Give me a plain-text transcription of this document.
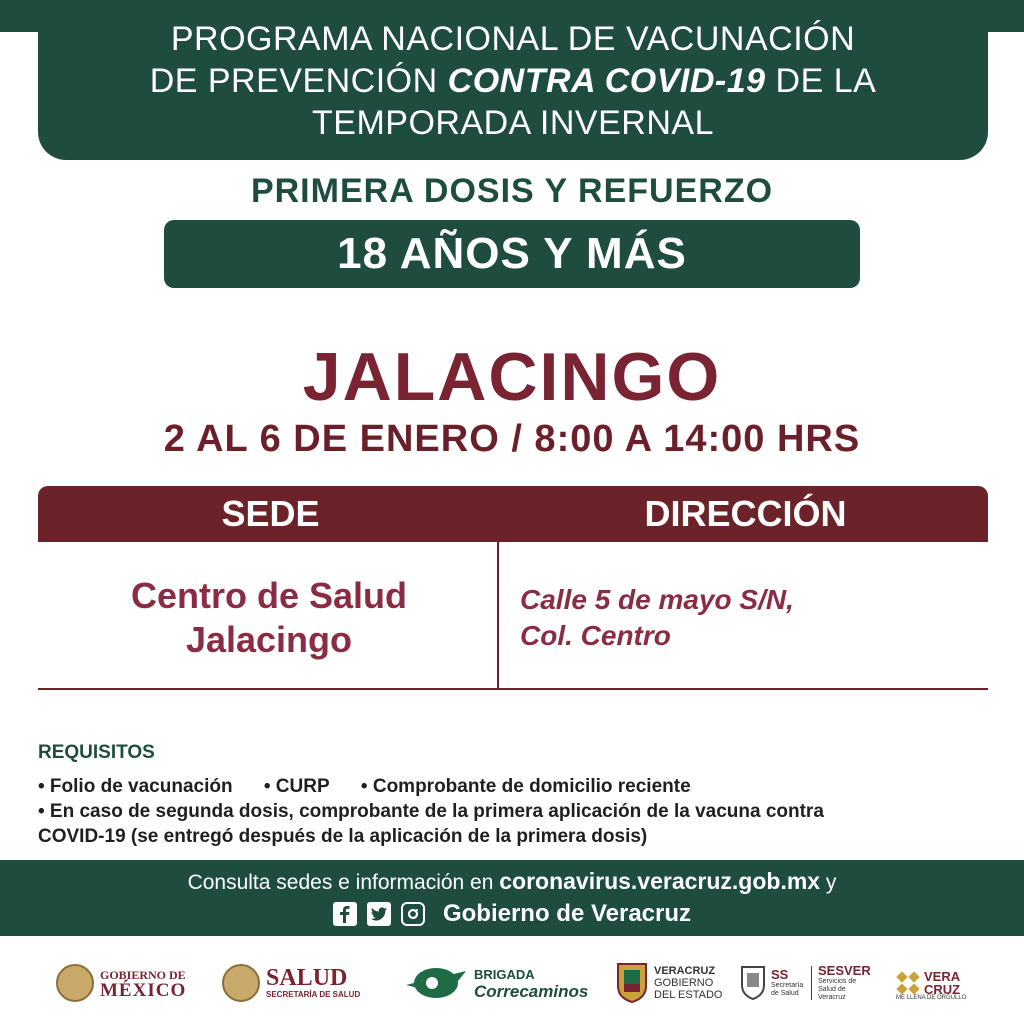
PROGRAMA NACIONAL DE VACUNACIÓN
DE PREVENCIÓN CONTRA COVID-19 DE LA
TEMPORADA INVERNAL
PRIMERA DOSIS Y REFUERZO
18 AÑOS Y MÁS
JALACINGO
2 AL 6 DE ENERO / 8:00 A 14:00 HRS
SEDE	DIRECCIÓN
Centro de Salud
Jalacingo
Calle 5 de mayo S/N,
Col. Centro
REQUISITOS
• Folio de vacunación • CURP • Comprobante de domicilio reciente
• En caso de segunda dosis, comprobante de la primera aplicación de la vacuna contra
COVID-19 (se entregó después de la aplicación de la primera dosis)
Consulta sedes e información en coronavirus.veracruz.gob.mx y
Gobierno de Veracruz
GOBIERNO DE
MÉXICO	SALUD
SECRETARÍA DE SALUD
BRIGADA
Correcaminos
VERACRUZ
GOBIERNO
DEL ESTADO
SS
Secretaría de Salud
SESVER
Servicios de Salud de Veracruz
VERA
CRUZ
ME LLENA DE ORGULLO
